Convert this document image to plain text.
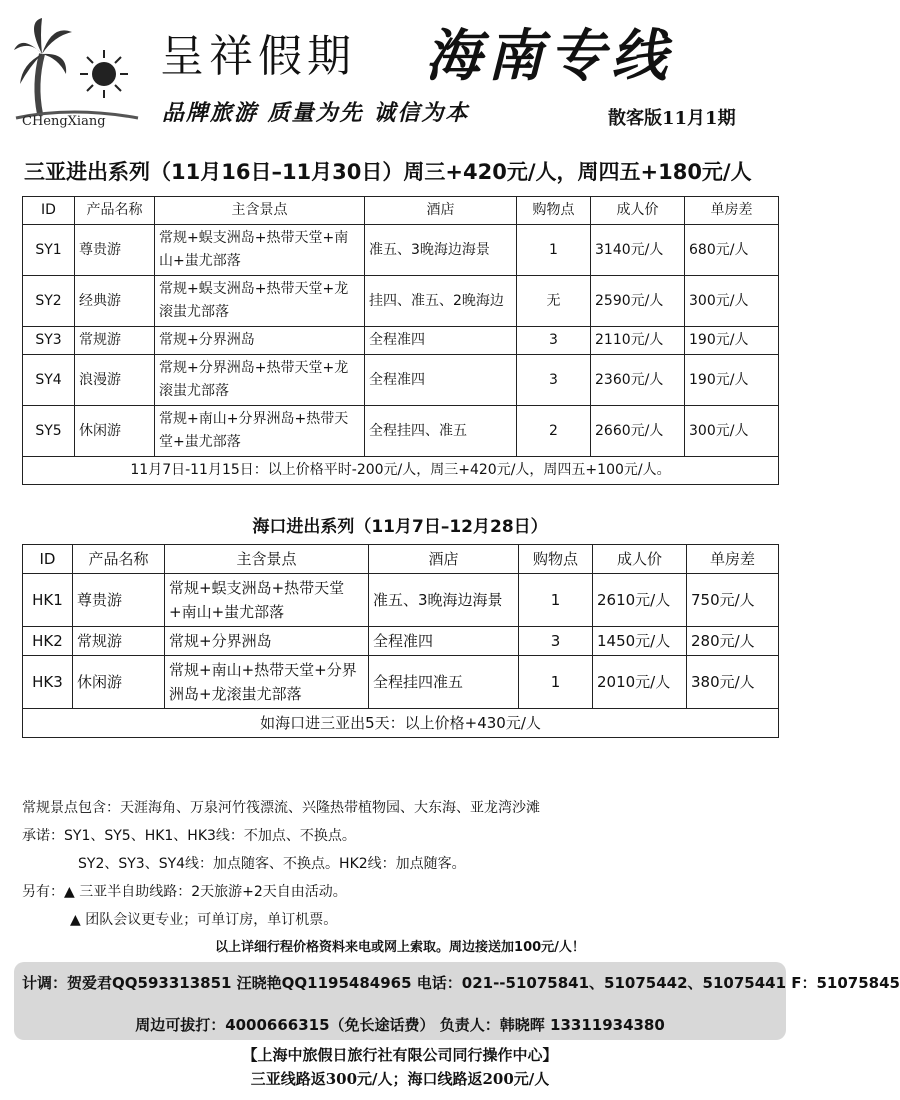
CHengXiang
呈祥假期 海南专线
品牌旅游 质量为先 诚信为本	散客版11月1期
三亚进出系列（11月16日–11月30日）周三+420元/人，周四五+180元/人
ID	产品名称	主含景点	酒店	购物点	成人价	单房差
SY1	尊贵游	常规+蜈支洲岛+热带天堂+南山+蚩尤部落	准五、3晚海边海景	1	3140元/人	680元/人
SY2	经典游	常规+蜈支洲岛+热带天堂+龙滚蚩尤部落	挂四、准五、2晚海边	无	2590元/人	300元/人
SY3	常规游	常规+分界洲岛	全程准四	3	2110元/人	190元/人
SY4	浪漫游	常规+分界洲岛+热带天堂+龙滚蚩尤部落	全程准四	3	2360元/人	190元/人
SY5	休闲游	常规+南山+分界洲岛+热带天堂+蚩尤部落	全程挂四、准五	2	2660元/人	300元/人
11月7日-11月15日：以上价格平时-200元/人，周三+420元/人，周四五+100元/人。						
海口进出系列（11月7日–12月28日）
ID	产品名称	主含景点	酒店	购物点	成人价	单房差
HK1	尊贵游	常规+蜈支洲岛+热带天堂+南山+蚩尤部落	准五、3晚海边海景	1	2610元/人	750元/人
HK2	常规游	常规+分界洲岛	全程准四	3	1450元/人	280元/人
HK3	休闲游	常规+南山+热带天堂+分界洲岛+龙滚蚩尤部落	全程挂四准五	1	2010元/人	380元/人
如海口进三亚出5天：以上价格+430元/人						
常规景点包含：天涯海角、万泉河竹筏漂流、兴隆热带植物园、大东海、亚龙湾沙滩
承诺：SY1、SY5、HK1、HK3线：不加点、不换点。
SY2、SY3、SY4线：加点随客、不换点。HK2线：加点随客。
另有：▲ 三亚半自助线路：2天旅游+2天自由活动。
▲ 团队会议更专业；可单订房，单订机票。
以上详细行程价格资料来电或网上索取。周边接送加100元/人！
计调：贺爱君QQ593313851 汪晓艳QQ1195484965 电话：021--51075841、51075442、51075441 F：51075845
周边可拔打：4000666315（免长途话费） 负责人：韩晓晖 13311934380
【上海中旅假日旅行社有限公司同行操作中心】
三亚线路返300元/人；海口线路返200元/人
